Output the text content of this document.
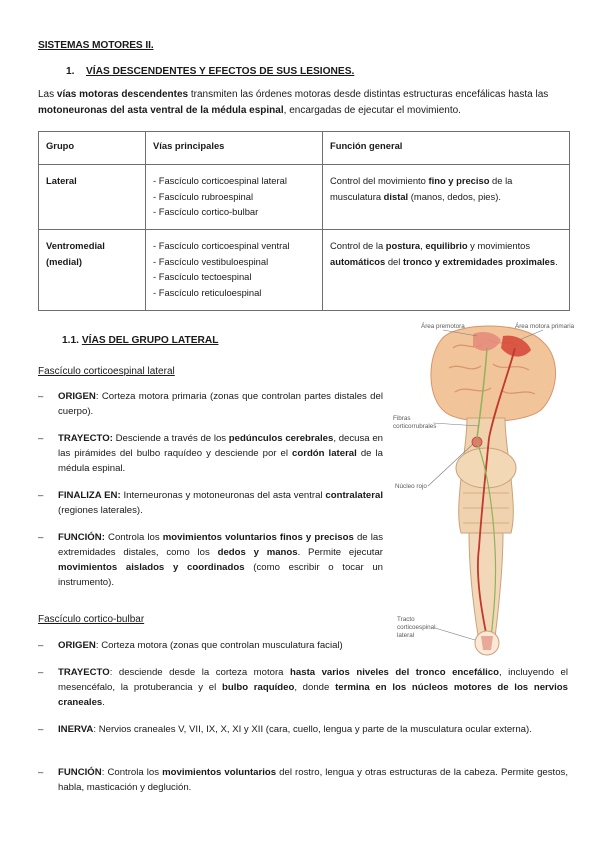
SISTEMAS MOTORES II.
1. VÍAS DESCENDENTES Y EFECTOS DE SUS LESIONES.
Las vías motoras descendentes transmiten las órdenes motoras desde distintas estructuras encefálicas hasta las motoneuronas del asta ventral de la médula espinal, encargadas de ejecutar el movimiento.
Grupo	Vías principales	Función general
Lateral	- Fascículo corticoespinal lateral
- Fascículo rubroespinal
- Fascículo cortico-bulbar	Control del movimiento fino y preciso de la musculatura distal (manos, dedos, pies).

Ventromedial
(medial)	- Fascículo corticoespinal ventral
- Fascículo vestibuloespinal
- Fascículo tectoespinal
- Fascículo reticuloespinal	Control de la postura, equilibrio y movimientos automáticos del tronco y extremidades proximales.
1.1. VÍAS DEL GRUPO LATERAL
Fascículo corticoespinal lateral
– ORIGEN: Corteza motora primaria (zonas que controlan partes distales del cuerpo).
– TRAYECTO: Desciende a través de los pedúnculos cerebrales, decusa en las pirámides del bulbo raquídeo y desciende por el cordón lateral de la médula espinal.
– FINALIZA EN: Interneuronas y motoneuronas del asta ventral contralateral (regiones laterales).
– FUNCIÓN: Controla los movimientos voluntarios finos y precisos de las extremidades distales, como los dedos y manos. Permite ejecutar movimientos aislados y coordinados (como escribir o tocar un instrumento).
Fascículo cortico-bulbar
– ORIGEN: Corteza motora (zonas que controlan musculatura facial)
– TRAYECTO: desciende desde la corteza motora hasta varios niveles del tronco encefálico, incluyendo el mesencéfalo, la protuberancia y el bulbo raquídeo, donde termina en los núcleos motores de los nervios craneales.
– INERVA: Nervios craneales V, VII, IX, X, XI y XII (cara, cuello, lengua y parte de la musculatura ocular externa).
– FUNCIÓN: Controla los movimientos voluntarios del rostro, lengua y otras estructuras de la cabeza. Permite gestos, habla, masticación y deglución.
Área premotora	Área motora primaria
Fibras
corticorrubrales
Núcleo rojo
Tracto
corticoespinal
lateral
